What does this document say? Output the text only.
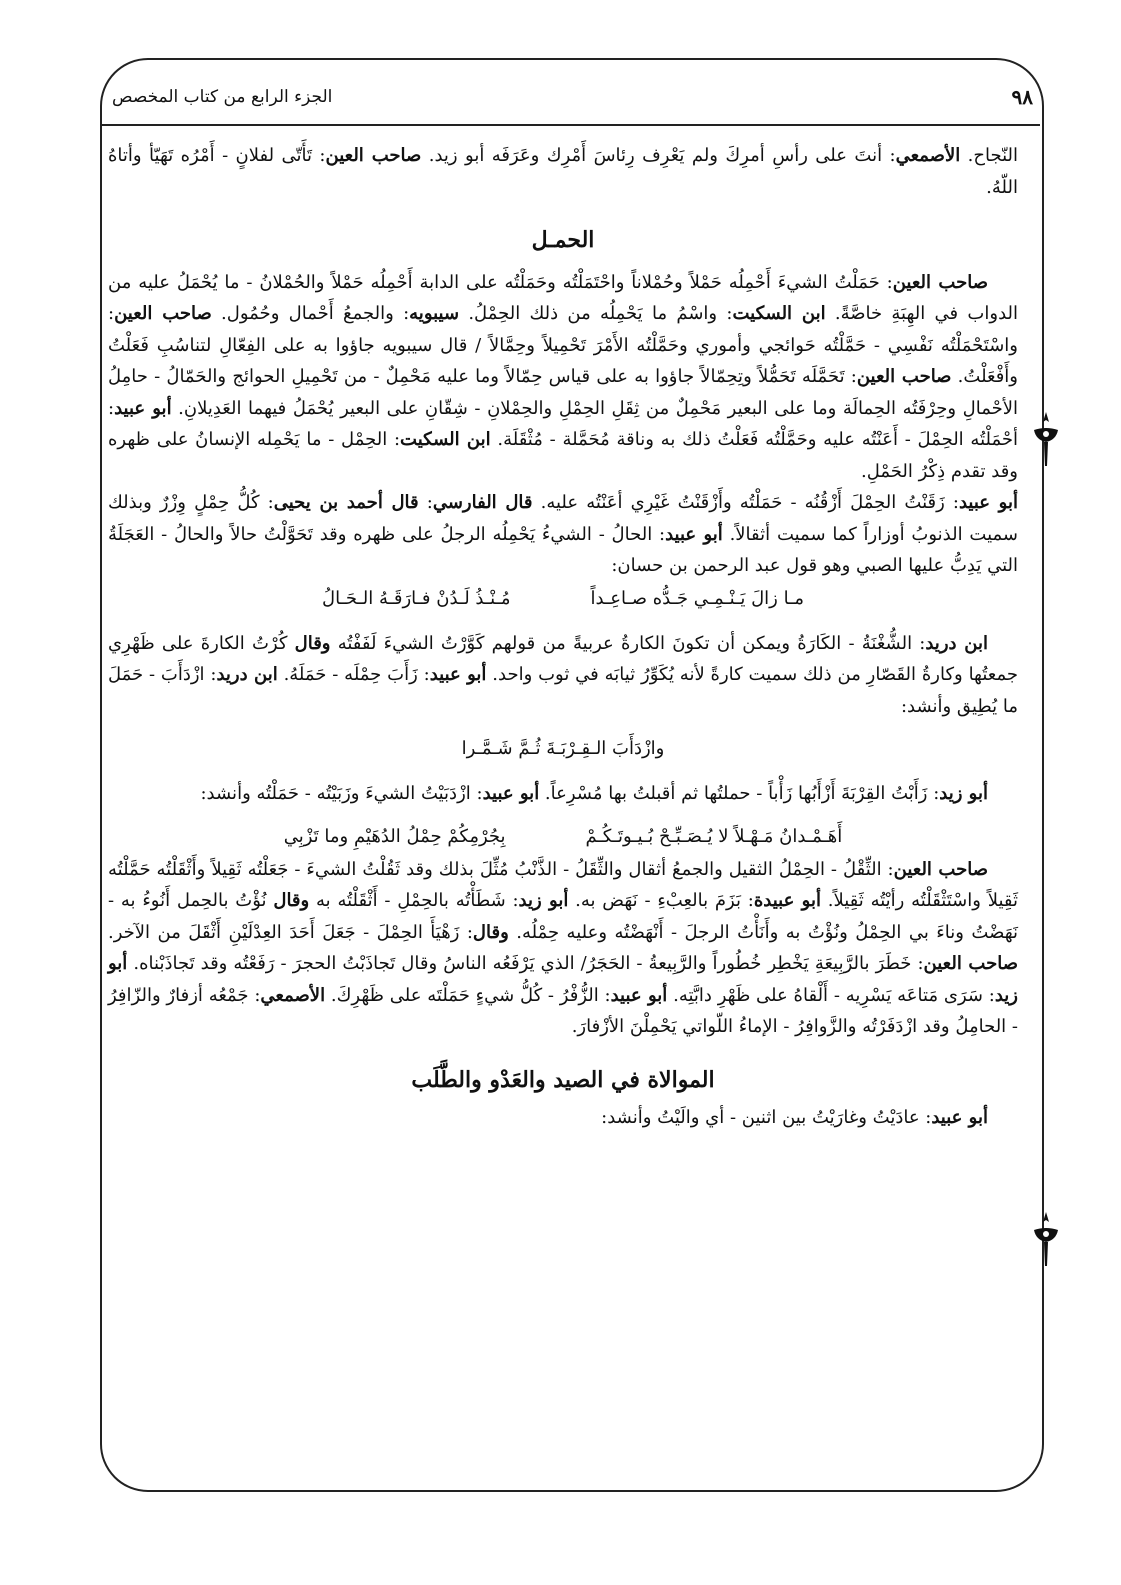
٩٨
الجزء الرابع من كتاب المخصص

النّجاح. الأصمعي: أنتَ على رأسِ أمرِكَ ولم يَعْرِف رِئاسَ أَمْرِك وعَرَفَه أبو زيد. صاحب العين: تَأَتّى لفلانٍ - أَمْرُه تَهَيّأ وأتاهُ اللّهُ.

الحمـل

صاحب العين: حَمَلْتُ الشيءَ أَحْمِلُه حَمْلاً وحُمْلاناً واحْتَمَلْتُه وحَمَلْتُه على الدابة أَحْمِلُه حَمْلاً والحُمْلانُ - ما يُحْمَلُ عليه من الدواب في الهِبَةِ خاصَّةً. ابن السكيت: واسْمُ ما يَحْمِلُه من ذلك الحِمْلُ. سيبويه: والجمعُ أَحْمال وحُمُول. صاحب العين: واسْتَحْمَلْتُه نَفْسِي - حَمَّلْتُه حَوائجي وأموري وحَمَّلْتُه الأَمْرَ تَحْمِيلاً وحِمَّالاً / قال سيبويه جاؤوا به على الفِعّالِ لتناسُبِ فَعَلْتُ وأَفْعَلْتُ. صاحب العين: تَحَمَّلَه تَحَمُّلاً وتِحِمّالاً جاؤوا به على قياس حِمّالاً وما عليه مَحْمِلٌ - من تَحْمِيلِ الحوائج والحَمّالُ - حامِلُ الأحْمالِ وحِرْفَتُه الحِمالَة وما على البعير مَحْمِلٌ من ثِقَلِ الحِمْلِ والحِمْلانِ - شِقّانِ على البعير يُحْمَلُ فيهما العَدِيلانِ. أبو عبيد: أحْمَلْتُه الحِمْلَ - أَعَنْتُه عليه وحَمَّلْتُه فَعَلْتُ ذلك به وناقة مُحَمَّلة - مُثْقَلَة. ابن السكيت: الحِمْل - ما يَحْمِله الإنسانُ على ظهره وقد تقدم ذِكْرُ الحَمْلِ.

أبو عبيد: زَقَنْتُ الحِمْلَ أَزْقُنُه - حَمَلْتُه وأَزْقَنْتُ غَيْرِي أعَنْتُه عليه. قال الفارسي: قال أحمد بن يحيى: كُلُّ حِمْلٍ وِزْرٌ وبذلك سميت الذنوبُ أوزاراً كما سميت أثقالاً. أبو عبيد: الحالُ - الشيءُ يَحْمِلُه الرجلُ على ظهره وقد تَحَوَّلْتُ حالاً والحالُ - العَجَلَةُ التي يَدِبُّ عليها الصبي وهو قول عبد الرحمن بن حسان:

مـا زالَ يَـنْـمِـي جَـدُّه صـاعِـداً
مُـنْـذُ لَـدُنْ فـارَقَـهُ الـحَـالُ

ابن دريد: الشُّغْنَةُ - الكَارَةُ ويمكن أن تكونَ الكارةُ عربيةً من قولهم كَوَّرْتُ الشيءَ لَفَفْتُه وقال كُرْتُ الكارةَ على ظَهْرِي جمعتُها وكارةُ القَصّارِ من ذلك سميت كارةً لأنه يُكَوِّرُ ثيابَه في ثوب واحد. أبو عبيد: زَأَبَ حِمْلَه - حَمَلَهُ. ابن دريد: ازْدَأَبَ - حَمَلَ ما يُطِيق وأنشد:

وازْدَأَبَ الـقِـرْبَـةَ ثُـمَّ شَـمَّـرا

أبو زيد: زَأَبْتُ القِرْبَةَ أَزْأَبُها زَأْباً - حملتُها ثم أقبلتُ بها مُسْرِعاً. أبو عبيد: ازْدَبَيْتُ الشيءَ وزَبَيْتُه - حَمَلْتُه وأنشد:

أَهَـمْـدانُ مَـهْـلاً لا يُـصَـبِّـحْ بُـيـوتَـكُـمْ
بِجُرْمِكُمْ حِمْلُ الدُهَيْمِ وما تَزْبِي

صاحب العين: الثِّقْلُ - الحِمْلُ الثقيل والجمعُ أثقال والثِّقَلُ - الذَّنْبُ مُثِّلَ بذلك وقد ثَقُلْتُ الشيءَ - جَعَلْتُه ثَقِيلاً وأَثْقَلْتُه حَمَّلْتُه ثَقِيلاً واسْتَثْقَلْتُه رأيْتُه ثَقِيلاً. أبو عبيدة: بَزَمَ بالعِبْءِ - نَهَض به. أبو زيد: شَطَأْتُه بالحِمْلِ - أَثْقَلْتُه به وقال نُؤْتُ بالحِمل أَنُوءُ به - نَهَضْتُ وناءَ بي الحِمْلُ ونُؤْتُ به وأَنَأْتُ الرجلَ - أَنْهَضْتُه وعليه حِمْلُه. وقال: زَهْيَأَ الحِمْلَ - جَعَلَ أَحَدَ العِدْلَيْنِ أَثْقَلَ من الآخر. صاحب العين: خَطَرَ بالرَّبِيعَةِ يَخْطِر خُطُوراً والرَّبِيعةُ - الحَجَرُ/ الذي يَرْفَعُه الناسُ وقال تَجاذَبْتُ الحجرَ - رَفَعْتُه وقد تَجاذَبْناه. أبو زيد: سَرَى مَتاعَه يَسْرِيه - أَلْقاهُ على ظَهْرِ دابَّتِه. أبو عبيد: الزُّفْرُ - كُلُّ شيءٍ حَمَلْتَه على ظَهْرِكَ. الأصمعي: جَمْعُه أزفارٌ والزّافِرُ - الحامِلُ وقد ازْدَفَرْتُه والزَّوافِرُ - الإماءُ اللّواتي يَحْمِلْنَ الأزْفارَ.

الموالاة في الصيد والعَدْو والطَّلَب

أبو عبيد: عادَيْتُ وغارَيْتُ بين اثنين - أي والَيْتُ وأنشد:
